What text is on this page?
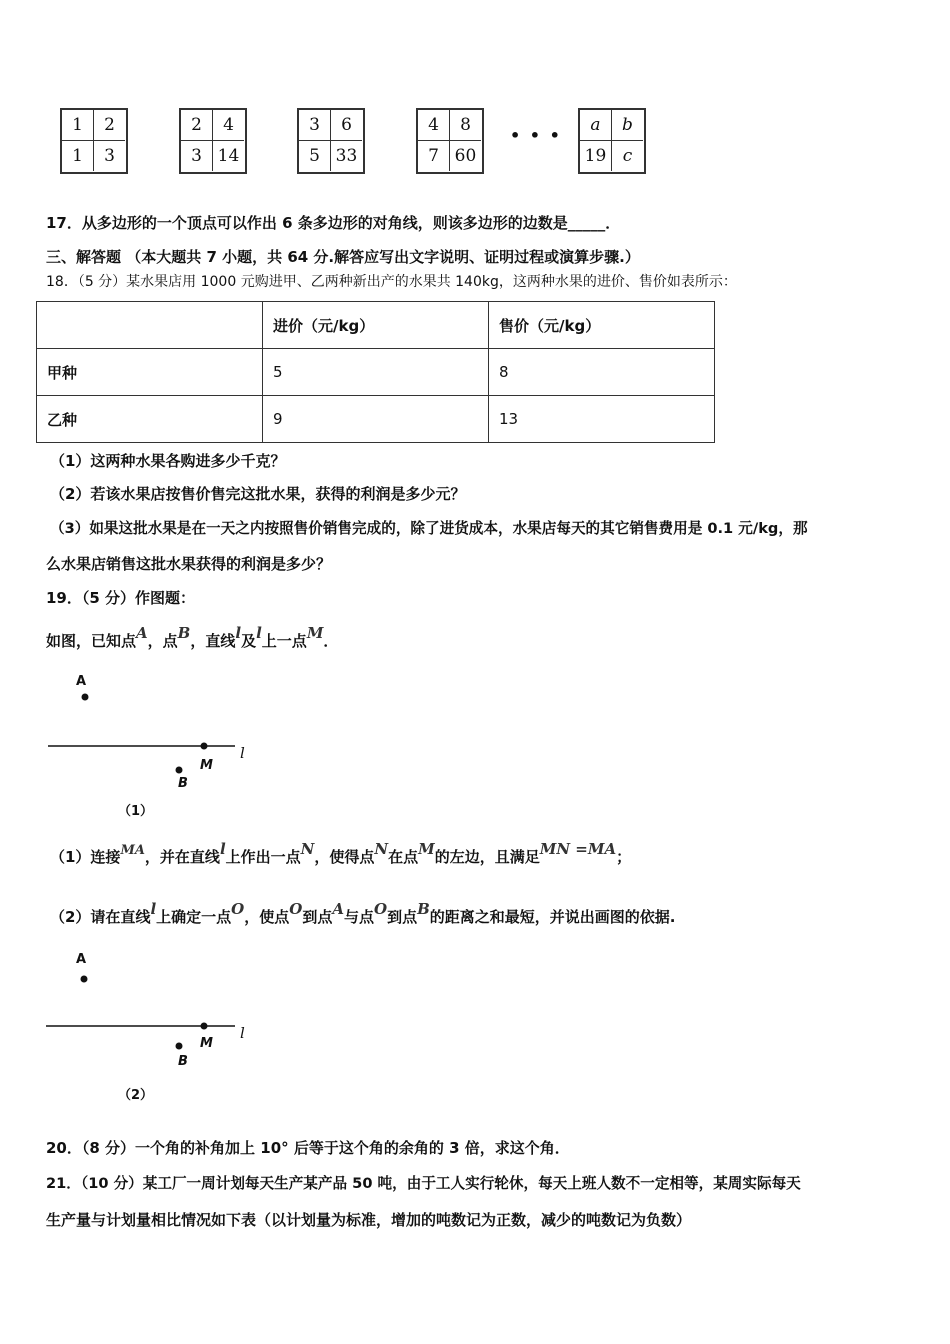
1	2
1	3
2	4
3 14
3	6
5 33
4	8
7 60
• • •
a	b
19 c
17．从多边形的一个顶点可以作出 6 条多边形的对角线，则该多边形的边数是_____．
三、解答题 （本大题共 7 小题，共 64 分.解答应写出文字说明、证明过程或演算步骤.）
18．（5 分）某水果店用 1000 元购进甲、乙两种新出产的水果共 140kg，这两种水果的进价、售价如表所示：
	进价（元/kg）	售价（元/kg）
甲种	5	8
乙种	9	13
（1）这两种水果各购进多少千克？
（2）若该水果店按售价售完这批水果，获得的利润是多少元？
（3）如果这批水果是在一天之内按照售价销售完成的，除了进货成本，水果店每天的其它销售费用是 0.1 元/kg，那
么水果店销售这批水果获得的利润是多少？
19．（5 分）作图题：
如图，已知点A，点B，直线l及l上一点M．
A
M
B
l
（1）
（1）连接MA，并在直线l上作出一点N，使得点N在点M的左边，且满足MN =MA；
（2）请在直线l上确定一点O，使点O到点A与点O到点B的距离之和最短，并说出画图的依据.
A
M
B
l
（2）
20．（8 分）一个角的补角加上 10° 后等于这个角的余角的 3 倍，求这个角．
21．（10 分）某工厂一周计划每天生产某产品 50 吨，由于工人实行轮休，每天上班人数不一定相等，某周实际每天
生产量与计划量相比情况如下表（以计划量为标准，增加的吨数记为正数，减少的吨数记为负数）
